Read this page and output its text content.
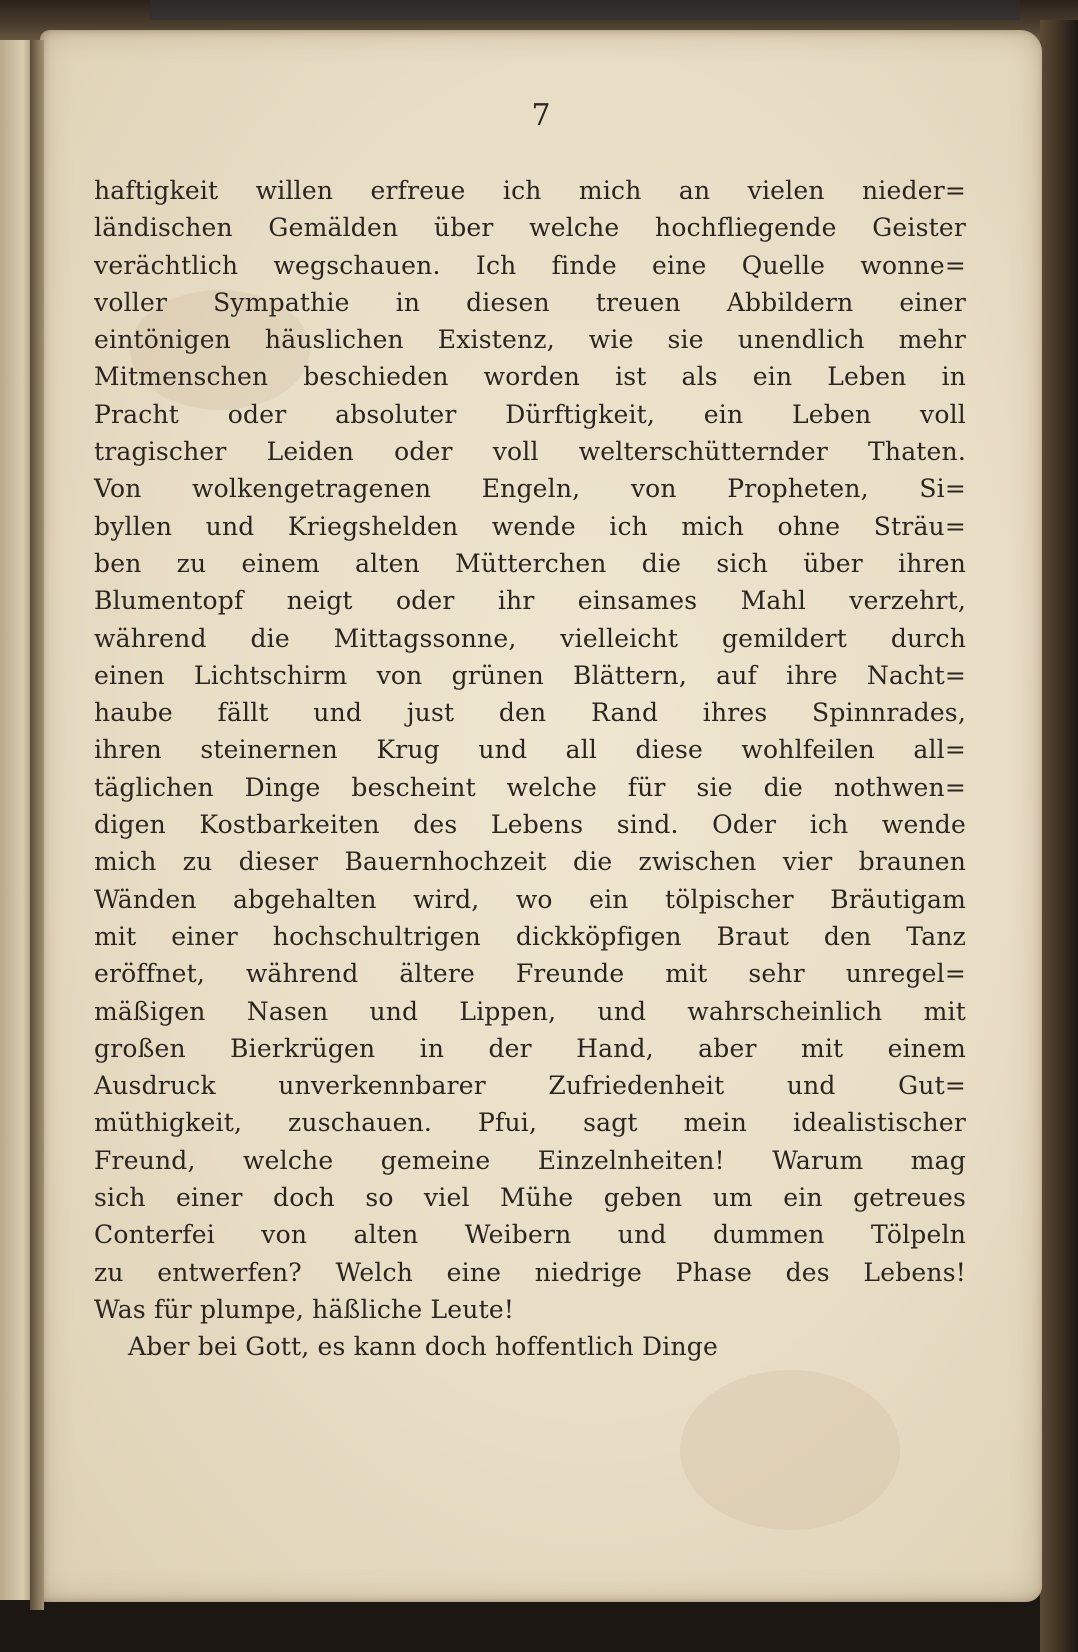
7

haftigkeit willen erfreue ich mich an vielen nieder=
ländischen Gemälden über welche hochfliegende Geister
verächtlich wegschauen. Ich finde eine Quelle wonne=
voller Sympathie in diesen treuen Abbildern einer
eintönigen häuslichen Existenz, wie sie unendlich mehr
Mitmenschen beschieden worden ist als ein Leben in
Pracht oder absoluter Dürftigkeit, ein Leben voll
tragischer Leiden oder voll welterschütternder Thaten.
Von wolkengetragenen Engeln, von Propheten, Si=
byllen und Kriegshelden wende ich mich ohne Sträu=
ben zu einem alten Mütterchen die sich über ihren
Blumentopf neigt oder ihr einsames Mahl verzehrt,
während die Mittagssonne, vielleicht gemildert durch
einen Lichtschirm von grünen Blättern, auf ihre Nacht=
haube fällt und just den Rand ihres Spinnrades,
ihren steinernen Krug und all diese wohlfeilen all=
täglichen Dinge bescheint welche für sie die nothwen=
digen Kostbarkeiten des Lebens sind. Oder ich wende
mich zu dieser Bauernhochzeit die zwischen vier braunen
Wänden abgehalten wird, wo ein tölpischer Bräutigam
mit einer hochschultrigen dickköpfigen Braut den Tanz
eröffnet, während ältere Freunde mit sehr unregel=
mäßigen Nasen und Lippen, und wahrscheinlich mit
großen Bierkrügen in der Hand, aber mit einem
Ausdruck unverkennbarer Zufriedenheit und Gut=
müthigkeit, zuschauen. Pfui, sagt mein idealistischer
Freund, welche gemeine Einzelnheiten! Warum mag
sich einer doch so viel Mühe geben um ein getreues
Conterfei von alten Weibern und dummen Tölpeln
zu entwerfen? Welch eine niedrige Phase des Lebens!
Was für plumpe, häßliche Leute!
Aber bei Gott, es kann doch hoffentlich Dinge
